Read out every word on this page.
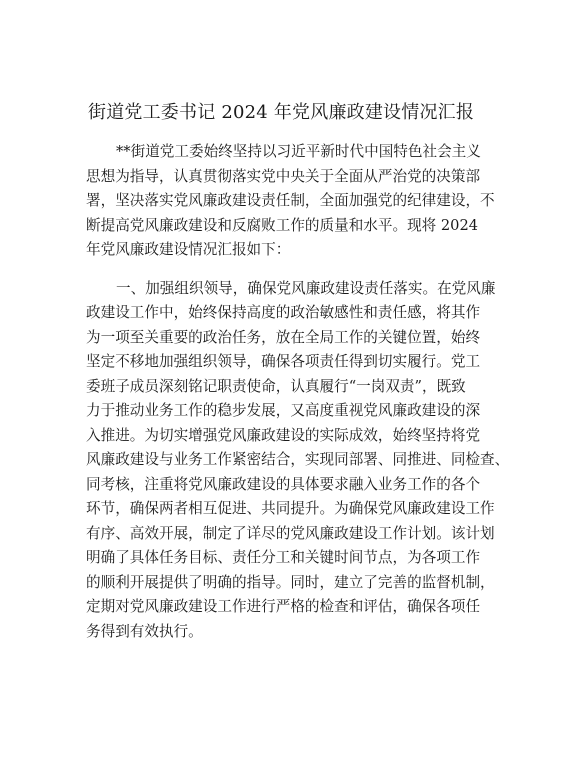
街道党工委书记 2024 年党风廉政建设情况汇报
**街道党工委始终坚持以习近平新时代中国特色社会主义
思想为指导，认真贯彻落实党中央关于全面从严治党的决策部
署，坚决落实党风廉政建设责任制，全面加强党的纪律建设，不
断提高党风廉政建设和反腐败工作的质量和水平。现将 2024
年党风廉政建设情况汇报如下：
一、加强组织领导，确保党风廉政建设责任落实。在党风廉
政建设工作中，始终保持高度的政治敏感性和责任感，将其作
为一项至关重要的政治任务，放在全局工作的关键位置，始终
坚定不移地加强组织领导，确保各项责任得到切实履行。党工
委班子成员深刻铭记职责使命，认真履行“一岗双责”，既致
力于推动业务工作的稳步发展，又高度重视党风廉政建设的深
入推进。为切实增强党风廉政建设的实际成效，始终坚持将党
风廉政建设与业务工作紧密结合，实现同部署、同推进、同检查、
同考核，注重将党风廉政建设的具体要求融入业务工作的各个
环节，确保两者相互促进、共同提升。为确保党风廉政建设工作
有序、高效开展，制定了详尽的党风廉政建设工作计划。该计划
明确了具体任务目标、责任分工和关键时间节点，为各项工作
的顺利开展提供了明确的指导。同时，建立了完善的监督机制，
定期对党风廉政建设工作进行严格的检查和评估，确保各项任
务得到有效执行。
